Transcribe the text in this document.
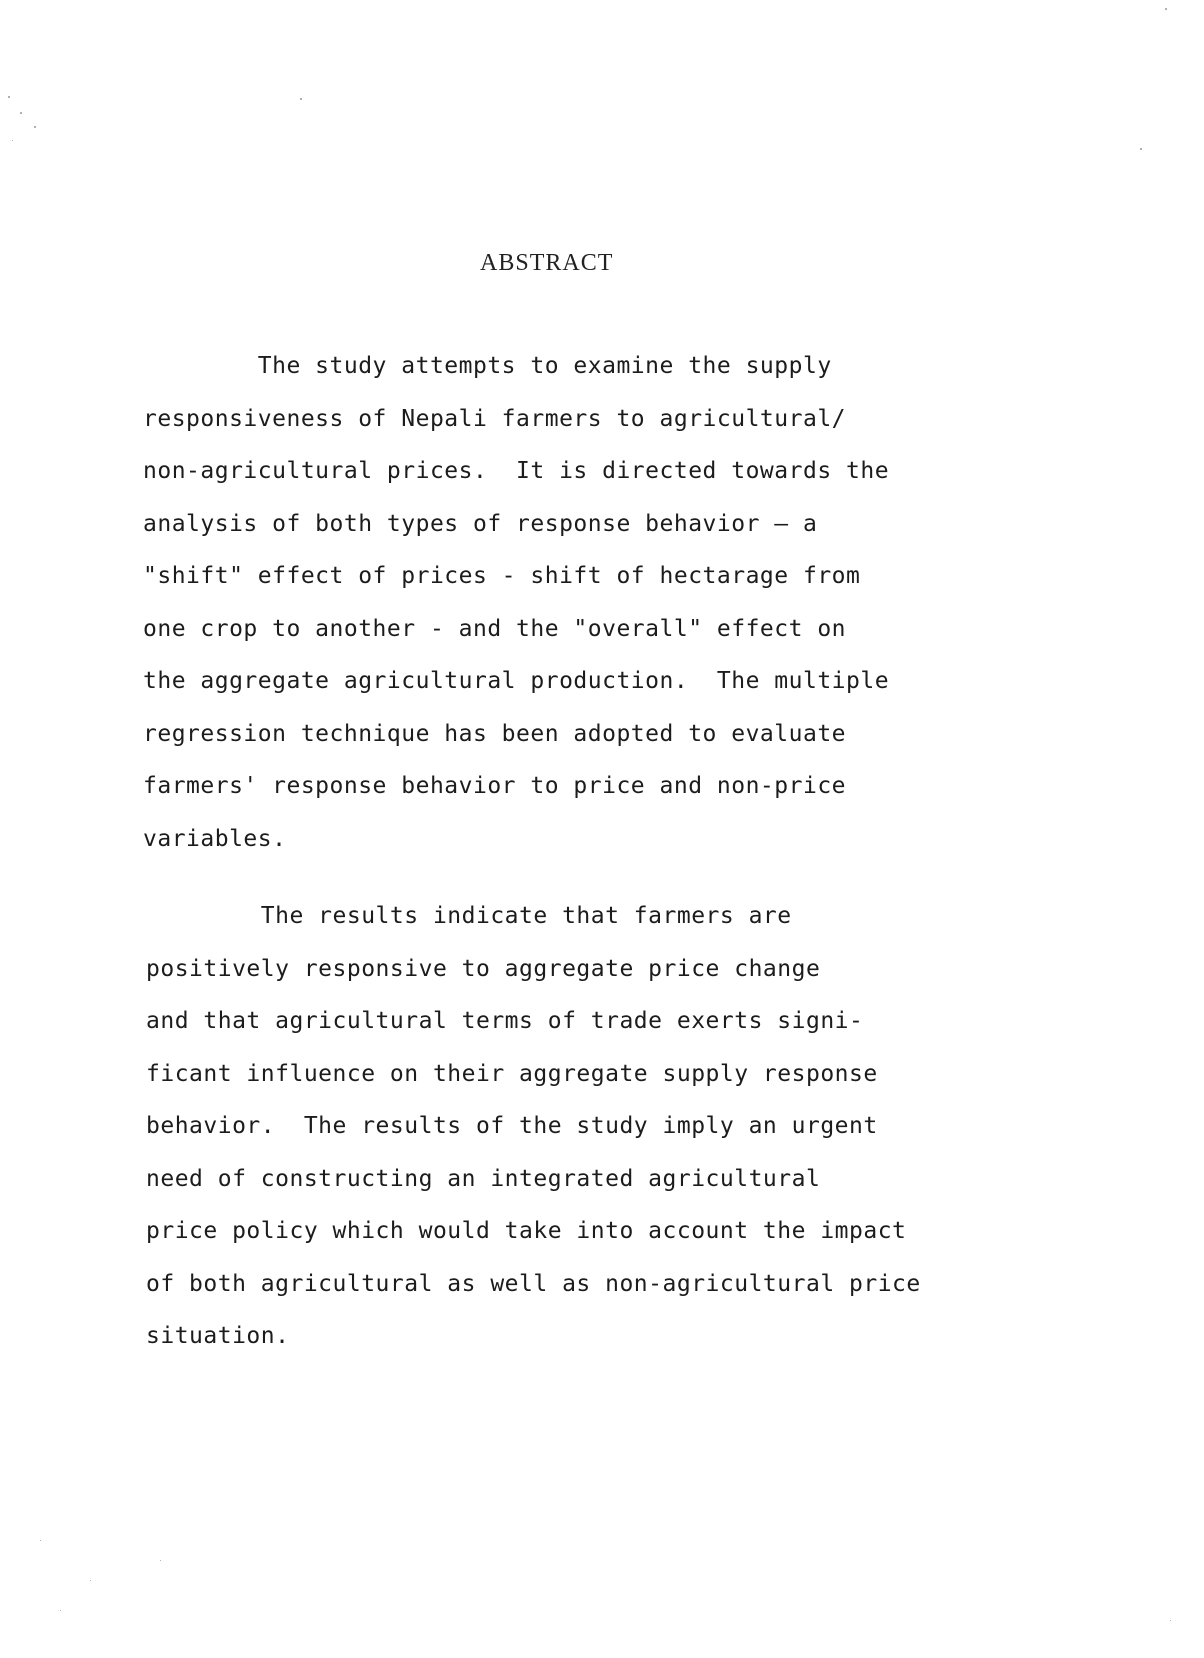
ABSTRACT
The study attempts to examine the supply
responsiveness of Nepali farmers to agricultural/
non-agricultural prices.  It is directed towards the
analysis of both types of response behavior — a
"shift" effect of prices - shift of hectarage from
one crop to another - and the "overall" effect on
the aggregate agricultural production.  The multiple
regression technique has been adopted to evaluate
farmers' response behavior to price and non-price
variables.
The results indicate that farmers are
positively responsive to aggregate price change
and that agricultural terms of trade exerts signi-
ficant influence on their aggregate supply response
behavior.  The results of the study imply an urgent
need of constructing an integrated agricultural
price policy which would take into account the impact
of both agricultural as well as non-agricultural price
situation.
